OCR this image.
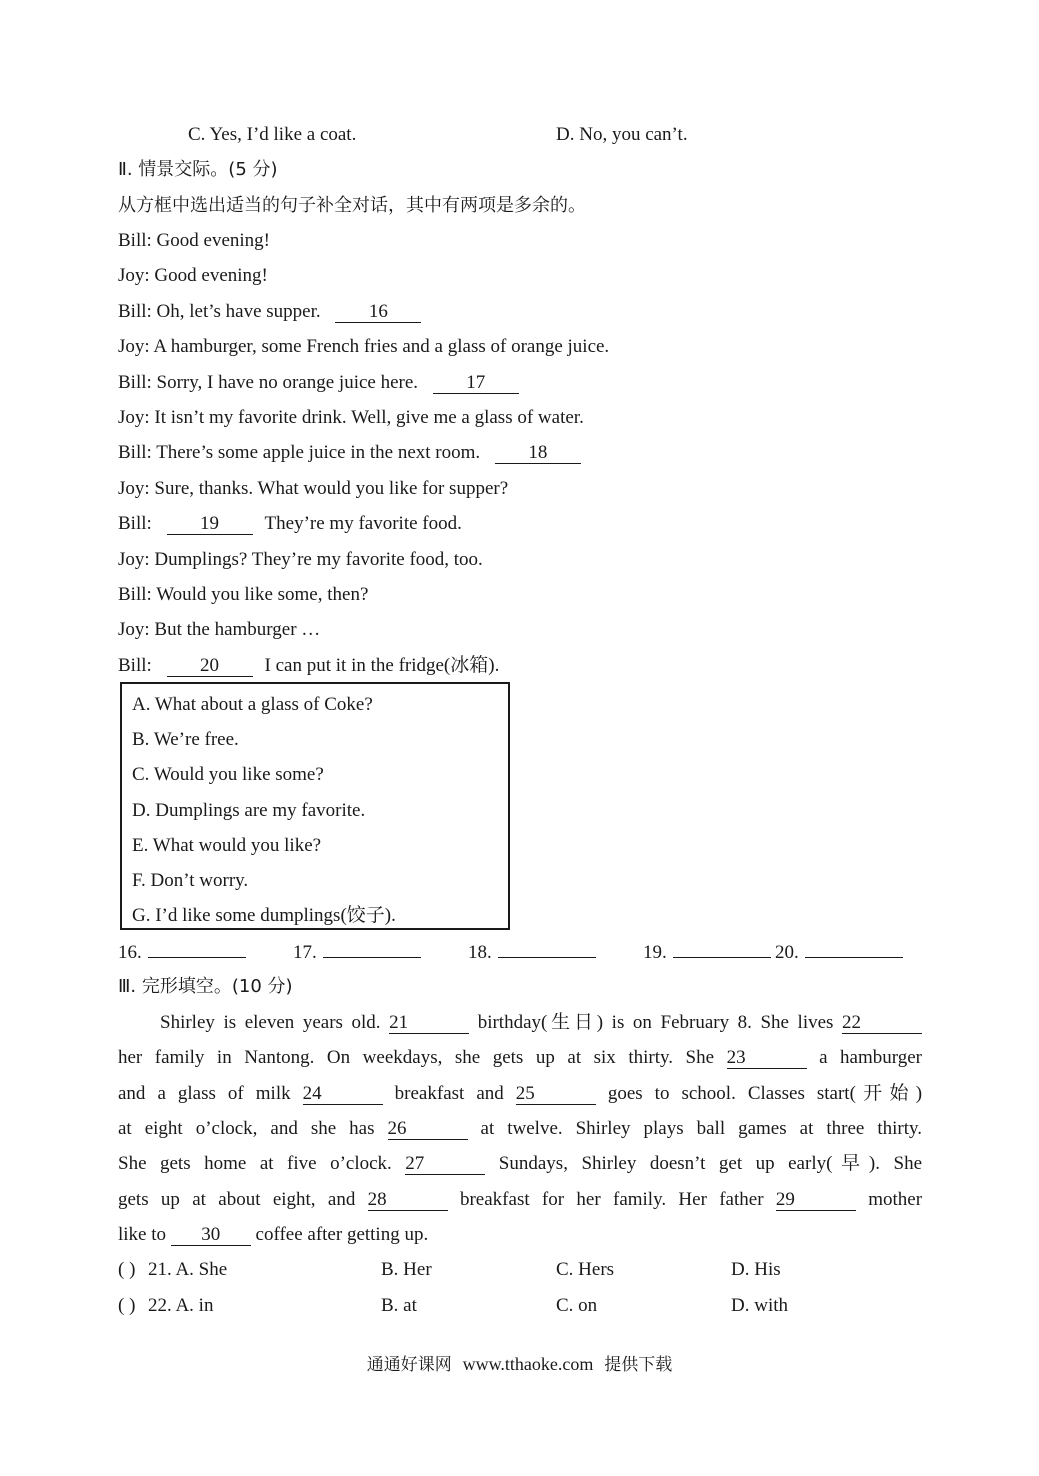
C. Yes, I’d like a coat.	D. No, you can’t.
Ⅱ. 情景交际。(5 分)
从方框中选出适当的句子补全对话，其中有两项是多余的。
Bill: Good evening!
Joy: Good evening!
Bill: Oh, let’s have supper.	16
Joy: A hamburger, some French fries and a glass of orange juice.
Bill: Sorry, I have no orange juice here.	17
Joy: It isn’t my favorite drink. Well, give me a glass of water.
Bill: There’s some apple juice in the next room.	18
Joy: Sure, thanks. What would you like for supper?
Bill:	19 They’re my favorite food.
Joy: Dumplings? They’re my favorite food, too.
Bill: Would you like some, then?
Joy: But the hamburger …
Bill:	20 I can put it in the fridge(冰箱).
A. What about a glass of Coke?
B. We’re free.
C. Would you like some?
D. Dumplings are my favorite.
E. What would you like?
F. Don’t worry.
G. I’d like some dumplings(饺子).
16.	17.	18.	19.	20.
Ⅲ. 完形填空。(10 分)
Shirley is eleven years old. 21	birthday(生日) is on February 8. She lives 22
her family in Nantong. On weekdays, she gets up at six thirty. She 23	a hamburger
and a glass of milk 24	breakfast and 25	goes to school. Classes start(开始)
at eight o’clock, and she has 26	at twelve. Shirley plays ball games at three thirty.
She gets home at five o’clock. 27	Sundays, Shirley doesn’t get up early(早). She
gets up at about eight, and 28	breakfast for her family. Her father 29	mother
like to 30 coffee after getting up.
( ) 21. A. She	B. Her	C. Hers	D. His
( ) 22. A. in	B. at	C. on	D. with
通通好课网 www.tthaoke.com 提供下载
